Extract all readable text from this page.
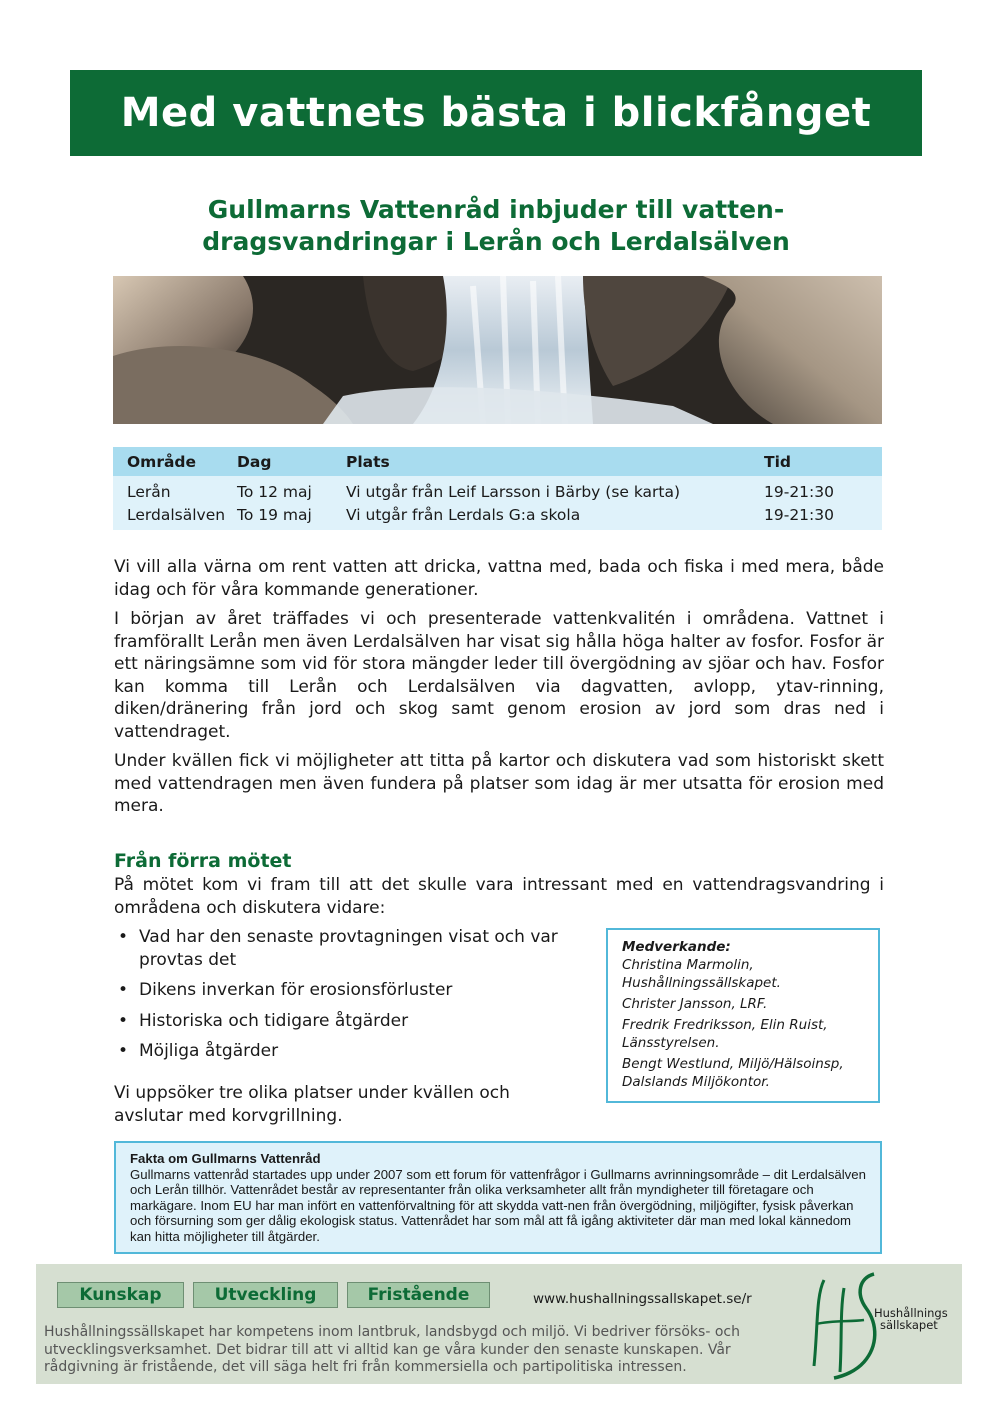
Med vattnets bästa i blickfånget
Gullmarns Vattenråd inbjuder till vatten-
dragsvandringar i Lerån och Lerdalsälven
Område	Dag	Plats	Tid
Lerån	To 12 maj	Vi utgår från Leif Larsson i Bärby (se karta)	19-21:30
Lerdalsälven To 19 maj	Vi utgår från Lerdals G:a skola	19-21:30

Vi vill alla värna om rent vatten att dricka, vattna med, bada och fiska i med mera, både idag och för våra kommande generationer.

I början av året träffades vi och presenterade vattenkvalitén i områdena. Vattnet i framförallt Lerån men även Lerdalsälven har visat sig hålla höga halter av fosfor. Fosfor är ett näringsämne som vid för stora mängder leder till övergödning av sjöar och hav. Fosfor kan komma till Lerån och Lerdalsälven via dagvatten, avlopp, ytav-rinning, diken/dränering från jord och skog samt genom erosion av jord som dras ned i vattendraget.

Under kvällen fick vi möjligheter att titta på kartor och diskutera vad som historiskt skett med vattendragen men även fundera på platser som idag är mer utsatta för erosion med mera.

Från förra mötet

På mötet kom vi fram till att det skulle vara intressant med en vattendragsvandring i områdena och diskutera vidare:

• Vad har den senaste provtagningen visat och var provtas det
• Dikens inverkan för erosionsförluster
• Historiska och tidigare åtgärder
• Möjliga åtgärder

Vi uppsöker tre olika platser under kvällen och avslutar med korvgrillning.

Medverkande:
Christina Marmolin, Hushållningssällskapet.
Christer Jansson, LRF.
Fredrik Fredriksson, Elin Ruist, Länsstyrelsen.
Bengt Westlund, Miljö/Hälsoinsp, Dalslands Miljökontor.
Fakta om Gullmarns Vattenråd
Gullmarns vattenråd startades upp under 2007 som ett forum för vattenfrågor i Gullmarns avrinningsområde – dit Lerdalsälven och Lerån tillhör. Vattenrådet består av representanter från olika verksamheter allt från myndigheter till företagare och markägare. Inom EU har man infört en vattenförvaltning för att skydda vatt-nen från övergödning, miljögifter, fysisk påverkan och försurning som ger dålig ekologisk status. Vattenrådet har som mål att få igång aktiviteter där man med lokal kännedom kan hitta möjligheter till åtgärder.
Kunskap	Utveckling	Fristående	www.hushallningssallskapet.se/r
Hushållningssällskapet har kompetens inom lantbruk, landsbygd och miljö. Vi bedriver försöks- och utvecklingsverksamhet. Det bidrar till att vi alltid kan ge våra kunder den senaste kunskapen. Vår rådgivning är fristående, det vill säga helt fri från kommersiella och partipolitiska intressen.
Hushållnings
sällskapet
